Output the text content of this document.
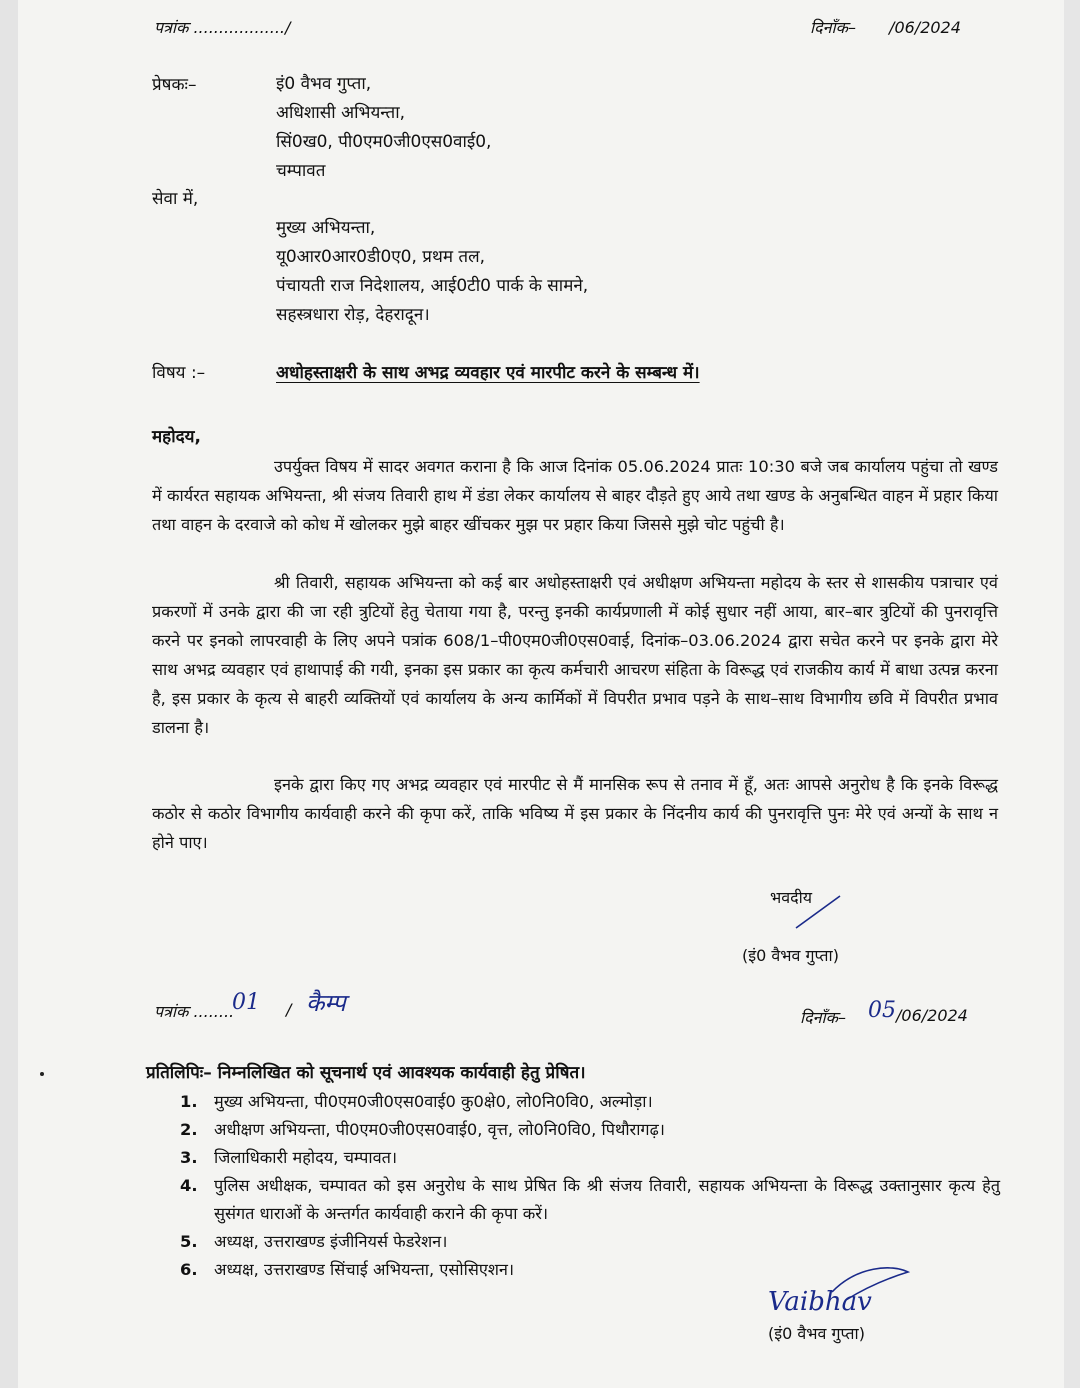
पत्रांक ................../	दिनाँक– /06/2024
प्रेषकः–	इं0 वैभव गुप्ता,
अधिशासी अभियन्ता,
सिं0ख0, पी0एम0जी0एस0वाई0,
चम्पावत
सेवा में,
मुख्य अभियन्ता,
यू0आर0आर0डी0ए0, प्रथम तल,
पंचायती राज निदेशालय, आई0टी0 पार्क के सामने,
सहस्त्रधारा रोड़, देहरादून।
विषय :–	अधोहस्ताक्षरी के साथ अभद्र व्यवहार एवं मारपीट करने के सम्बन्ध में।
महोदय,
उपर्युक्त विषय में सादर अवगत कराना है कि आज दिनांक 05.06.2024 प्रातः 10:30 बजे जब कार्यालय पहुंचा तो खण्ड में कार्यरत सहायक अभियन्ता, श्री संजय तिवारी हाथ में डंडा लेकर कार्यालय से बाहर दौड़ते हुए आये तथा खण्ड के अनुबन्धित वाहन में प्रहार किया तथा वाहन के दरवाजे को कोध में खोलकर मुझे बाहर खींचकर मुझ पर प्रहार किया जिससे मुझे चोट पहुंची है।
श्री तिवारी, सहायक अभियन्ता को कई बार अधोहस्ताक्षरी एवं अधीक्षण अभियन्ता महोदय के स्तर से शासकीय पत्राचार एवं प्रकरणों में उनके द्वारा की जा रही त्रुटियों हेतु चेताया गया है, परन्तु इनकी कार्यप्रणाली में कोई सुधार नहीं आया, बार–बार त्रुटियों की पुनरावृत्ति करने पर इनको लापरवाही के लिए अपने पत्रांक 608/1–पी0एम0जी0एस0वाई, दिनांक–03.06.2024 द्वारा सचेत करने पर इनके द्वारा मेरे साथ अभद्र व्यवहार एवं हाथापाई की गयी, इनका इस प्रकार का कृत्य कर्मचारी आचरण संहिता के विरूद्ध एवं राजकीय कार्य में बाधा उत्पन्न करना है, इस प्रकार के कृत्य से बाहरी व्यक्तियों एवं कार्यालय के अन्य कार्मिकों में विपरीत प्रभाव पड़ने के साथ–साथ विभागीय छवि में विपरीत प्रभाव डालना है।
इनके द्वारा किए गए अभद्र व्यवहार एवं मारपीट से मैं मानसिक रूप से तनाव में हूँ, अतः आपसे अनुरोध है कि इनके विरूद्ध कठोर से कठोर विभागीय कार्यवाही करने की कृपा करें, ताकि भविष्य में इस प्रकार के निंदनीय कार्य की पुनरावृत्ति पुनः मेरे एवं अन्यों के साथ न होने पाए।
भवदीय
(इं0 वैभव गुप्ता)
पत्रांक ........
01 / कैम्प
दिनाँक– 05 /06/2024
प्रतिलिपिः– निम्नलिखित को सूचनार्थ एवं आवश्यक कार्यवाही हेतु प्रेषित।
1.	मुख्य अभियन्ता, पी0एम0जी0एस0वाई0 कु0क्षे0, लो0नि0वि0, अल्मोड़ा।
2.	अधीक्षण अभियन्ता, पी0एम0जी0एस0वाई0, वृत्त, लो0नि0वि0, पिथौरागढ़।
3.	जिलाधिकारी महोदय, चम्पावत।
4.	पुलिस अधीक्षक, चम्पावत को इस अनुरोध के साथ प्रेषित कि श्री संजय तिवारी, सहायक अभियन्ता के विरूद्ध उक्तानुसार कृत्य हेतु सुसंगत धाराओं के अन्तर्गत कार्यवाही कराने की कृपा करें।
5.	अध्यक्ष, उत्तराखण्ड इंजीनियर्स फेडरेशन।
6.	अध्यक्ष, उत्तराखण्ड सिंचाई अभियन्ता, एसोसिएशन।
Vaibhav
(इं0 वैभव गुप्ता)
